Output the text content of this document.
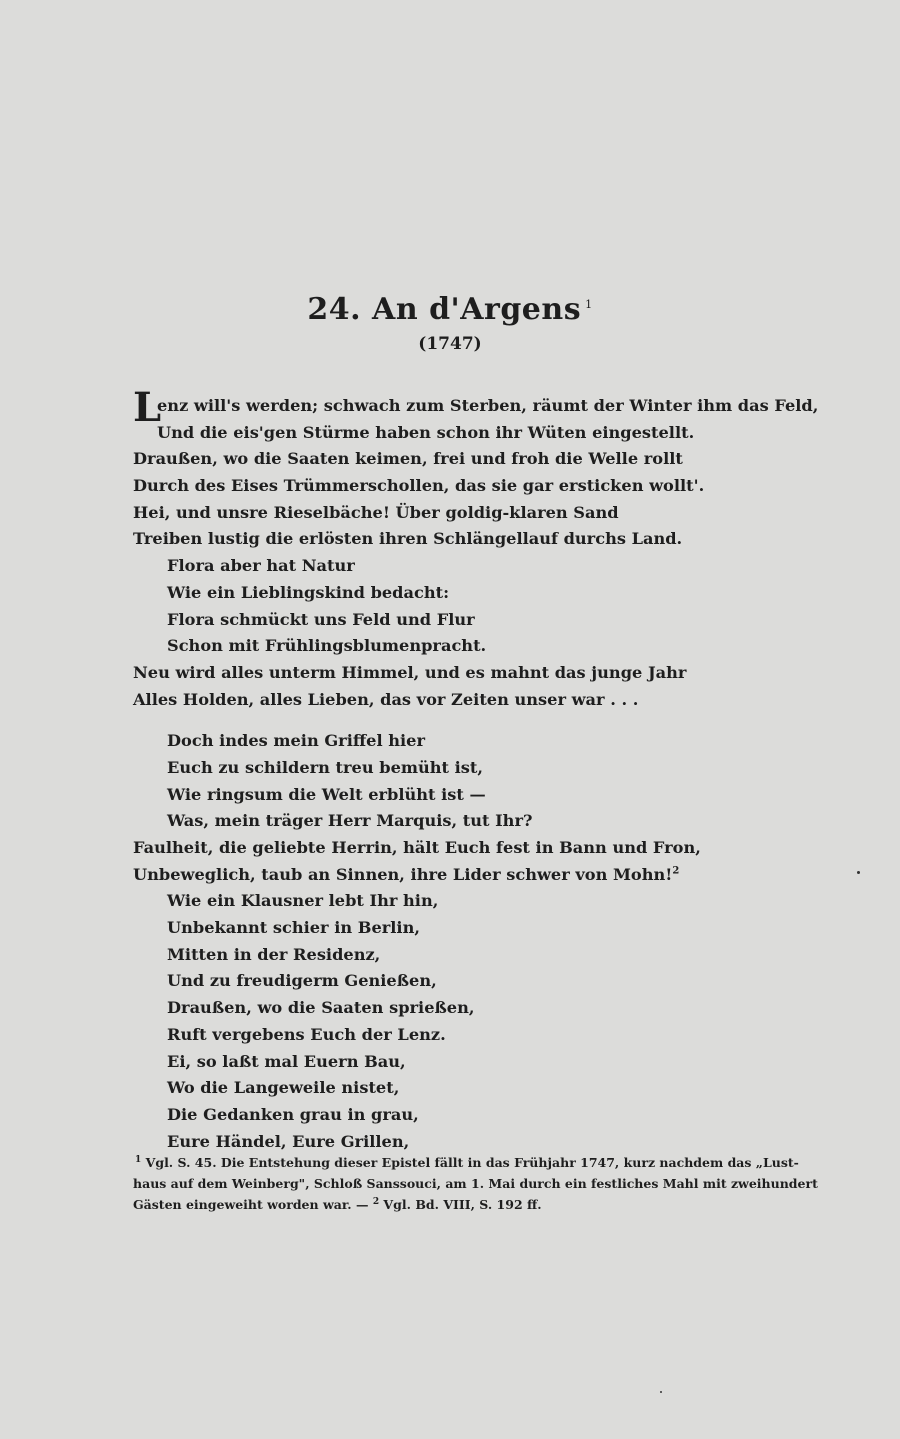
24. An d'Argens $^1$
(1747)
Lenz will's werden; schwach zum Sterben, räumt der Winter ihm das Feld,
Und die eis'gen Stürme haben schon ihr Wüten eingestellt.
Draußen, wo die Saaten keimen, frei und froh die Welle rollt
Durch des Eises Trümmerschollen, das sie gar ersticken wollt'.
Hei, und unsre Rieselbäche! Über goldig-klaren Sand
Treiben lustig die erlösten ihren Schlängellauf durchs Land.
Flora aber hat Natur
Wie ein Lieblingskind bedacht:
Flora schmückt uns Feld und Flur
Schon mit Frühlingsblumenpracht.
Neu wird alles unterm Himmel, und es mahnt das junge Jahr
Alles Holden, alles Lieben, das vor Zeiten unser war . . .
Doch indes mein Griffel hier
Euch zu schildern treu bemüht ist,
Wie ringsum die Welt erblüht ist —
Was, mein träger Herr Marquis, tut Ihr?
Faulheit, die geliebte Herrin, hält Euch fest in Bann und Fron,
Unbeweglich, taub an Sinnen, ihre Lider schwer von Mohn!$^2$
Wie ein Klausner lebt Ihr hin,
Unbekannt schier in Berlin,
Mitten in der Residenz,
Und zu freudigerm Genießen,
Draußen, wo die Saaten sprießen,
Ruft vergebens Euch der Lenz.
Ei, so laßt mal Euern Bau,
Wo die Langeweile nistet,
Die Gedanken grau in grau,
Eure Händel, Eure Grillen,
$^1$ Vgl. S. 45. Die Entstehung dieser Epistel fällt in das Frühjahr 1747, kurz nachdem das „Lust-
haus auf dem Weinberg", Schloß Sanssouci, am 1. Mai durch ein festliches Mahl mit zweihundert
Gästen eingeweiht worden war. — $^2$ Vgl. Bd. VIII, S. 192 ff.
